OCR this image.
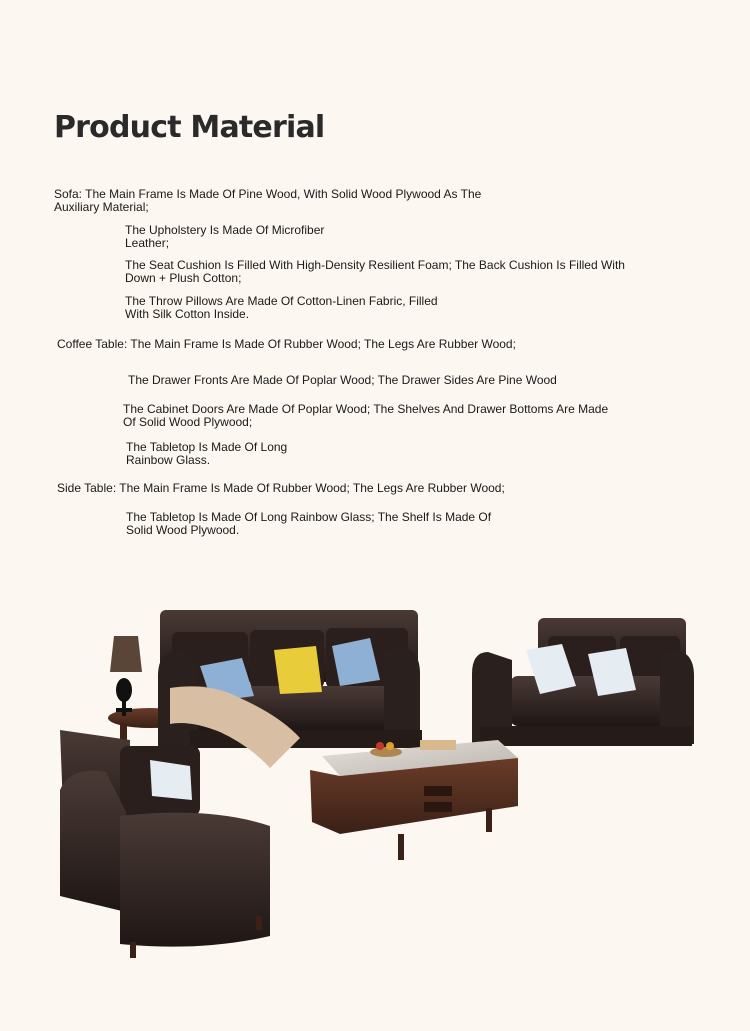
Product Material
Sofa: The Main Frame Is Made Of Pine Wood, With Solid Wood Plywood As The
Auxiliary Material;
The Upholstery Is Made Of Microfiber
Leather;
The Seat Cushion Is Filled With High-Density Resilient Foam; The Back Cushion Is Filled With
Down + Plush Cotton;
The Throw Pillows Are Made Of Cotton-Linen Fabric, Filled
With Silk Cotton Inside.
Coffee Table: The Main Frame Is Made Of Rubber Wood; The Legs Are Rubber Wood;
The Drawer Fronts Are Made Of Poplar Wood; The Drawer Sides Are Pine Wood
The Cabinet Doors Are Made Of Poplar Wood; The Shelves And Drawer Bottoms Are Made
Of Solid Wood Plywood;
The Tabletop Is Made Of Long
Rainbow Glass.
Side Table: The Main Frame Is Made Of Rubber Wood; The Legs Are Rubber Wood;
The Tabletop Is Made Of Long Rainbow Glass; The Shelf Is Made Of
Solid Wood Plywood.
